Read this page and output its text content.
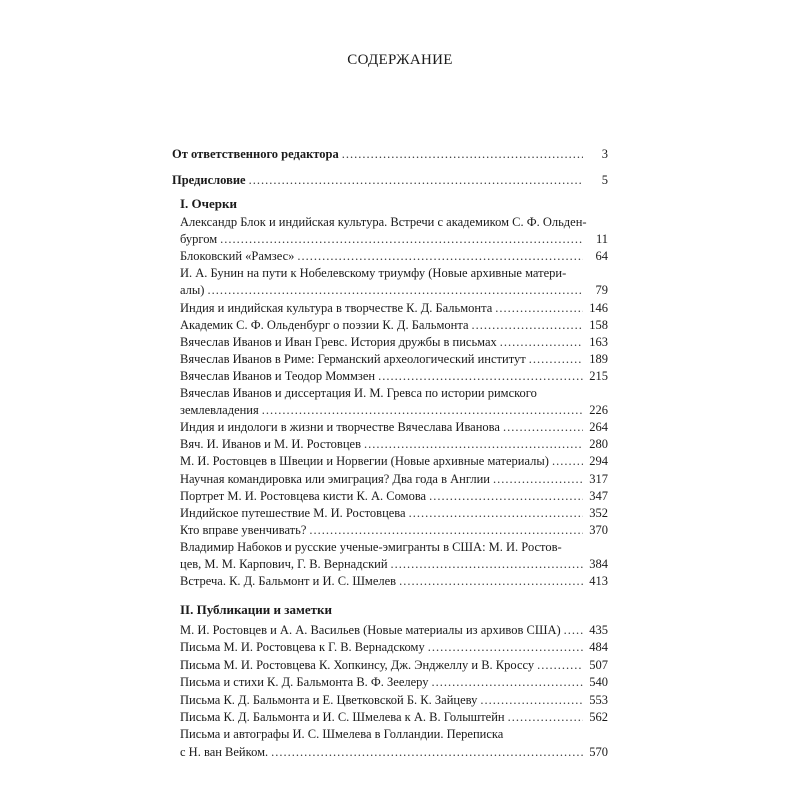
СОДЕРЖАНИЕ
От ответственного редактора .....	3
Предисловие .....	5
I. Очерки
Александр Блок и индийская культура. Встречи с академиком С. Ф. Ольден-
бургом .....	11
Блоковский «Рамзес» .....	64
И. А. Бунин на пути к Нобелевскому триумфу (Новые архивные матери-
алы) .....	79
Индия и индийская культура в творчестве К. Д. Бальмонта .....	146
Академик С. Ф. Ольденбург о поэзии К. Д. Бальмонта .....	158
Вячеслав Иванов и Иван Гревс. История дружбы в письмах .....	163
Вячеслав Иванов в Риме: Германский археологический институт .....	189
Вячеслав Иванов и Теодор Моммзен .....	215
Вячеслав Иванов и диссертация И. М. Гревса по истории римского
землевладения .....	226
Индия и индологи в жизни и творчестве Вячеслава Иванова .....	264
Вяч. И. Иванов и М. И. Ростовцев .....	280
М. И. Ростовцев в Швеции и Норвегии (Новые архивные материалы) .....	294
Научная командировка или эмиграция? Два года в Англии .....	317
Портрет М. И. Ростовцева кисти К. А. Сомова .....	347
Индийское путешествие М. И. Ростовцева .....	352
Кто вправе увенчивать? .....	370
Владимир Набоков и русские ученые-эмигранты в США: М. И. Ростов-
цев, М. М. Карпович, Г. В. Вернадский .....	384
Встреча. К. Д. Бальмонт и И. С. Шмелев .....	413
II. Публикации и заметки
М. И. Ростовцев и А. А. Васильев (Новые материалы из архивов США) ..... 435
Письма М. И. Ростовцева к Г. В. Вернадскому .....	484
Письма М. И. Ростовцева К. Хопкинсу, Дж. Энджеллу и В. Кроссу .....	507
Письма и стихи К. Д. Бальмонта В. Ф. Зеелеру .....	540
Письма К. Д. Бальмонта и Е. Цветковской Б. К. Зайцеву .....	553
Письма К. Д. Бальмонта и И. С. Шмелева к А. В. Голыштейн .....	562
Письма и автографы И. С. Шмелева в Голландии. Переписка
с Н. ван Вейком. .....	570
